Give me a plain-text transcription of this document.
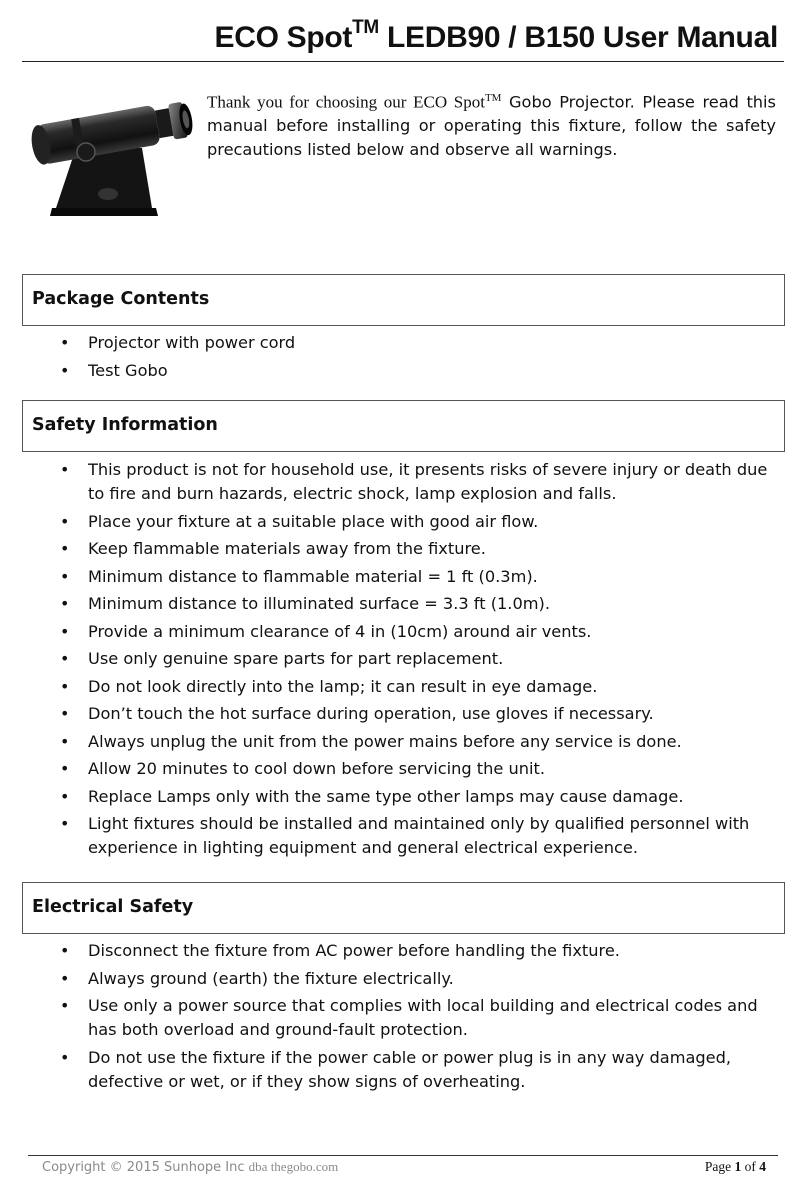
ECO Spot™ LEDB90 / B150 User Manual

Thank you for choosing our ECO Spot™ Gobo Projector. Please read this manual before installing or operating this fixture, follow the safety precautions listed below and observe all warnings.

Package Contents
• Projector with power cord
• Test Gobo
Safety Information
• This product is not for household use, it presents risks of severe injury or death due to fire and burn hazards, electric shock, lamp explosion and falls.
• Place your fixture at a suitable place with good air flow.
• Keep flammable materials away from the fixture.
• Minimum distance to flammable material = 1 ft (0.3m).
• Minimum distance to illuminated surface = 3.3 ft (1.0m).
• Provide a minimum clearance of 4 in (10cm) around air vents.
• Use only genuine spare parts for part replacement.
• Do not look directly into the lamp; it can result in eye damage.
• Don’t touch the hot surface during operation, use gloves if necessary.
• Always unplug the unit from the power mains before any service is done.
• Allow 20 minutes to cool down before servicing the unit.
• Replace Lamps only with the same type other lamps may cause damage.
• Light fixtures should be installed and maintained only by qualified personnel with experience in lighting equipment and general electrical experience.
Electrical Safety
• Disconnect the fixture from AC power before handling the fixture.
• Always ground (earth) the fixture electrically.
• Use only a power source that complies with local building and electrical codes and has both overload and ground-fault protection.
• Do not use the fixture if the power cable or power plug is in any way damaged, defective or wet, or if they show signs of overheating.
Copyright © 2015 Sunhope Inc dba thegobo.com	Page 1 of 4
